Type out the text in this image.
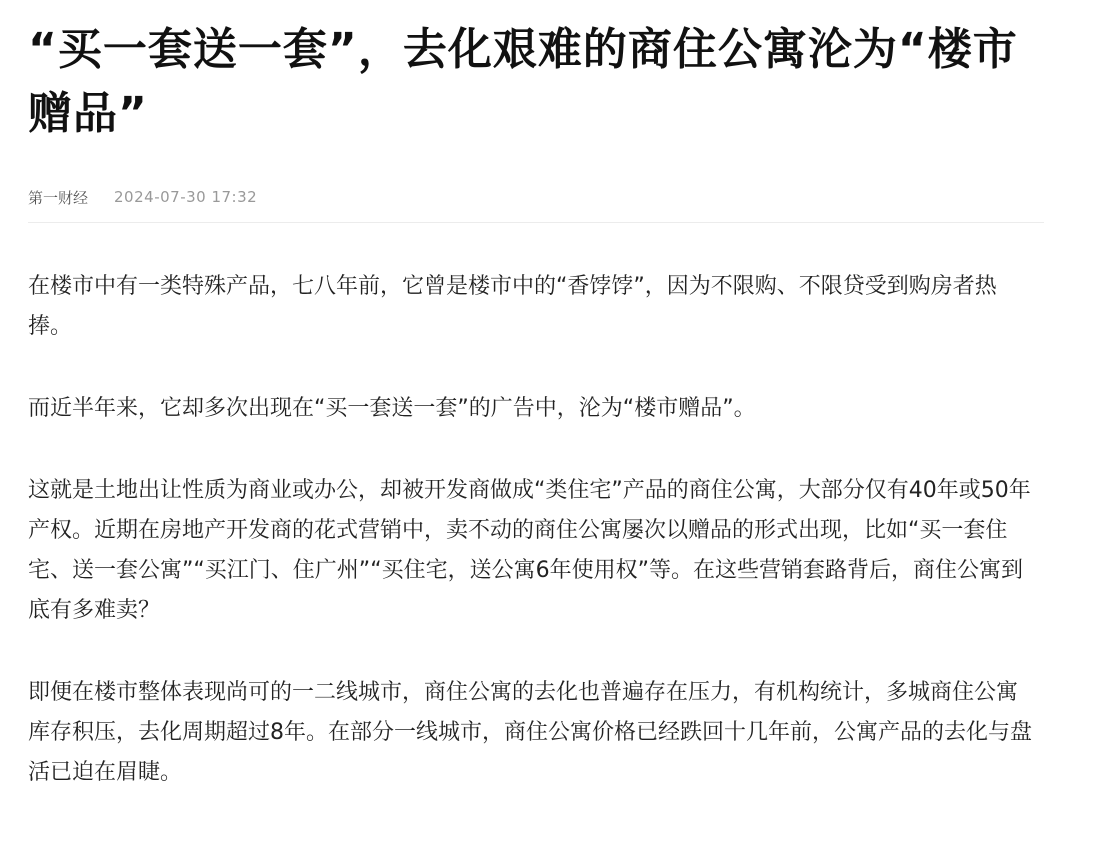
“买一套送一套”，去化艰难的商住公寓沦为“楼市赠品”
第一财经 2024-07-30 17:32

在楼市中有一类特殊产品，七八年前，它曾是楼市中的“香饽饽”，因为不限购、不限贷受到购房者热捧。

而近半年来，它却多次出现在“买一套送一套”的广告中，沦为“楼市赠品”。

这就是土地出让性质为商业或办公，却被开发商做成“类住宅”产品的商住公寓，大部分仅有40年或50年产权。近期在房地产开发商的花式营销中，卖不动的商住公寓屡次以赠品的形式出现，比如“买一套住宅、送一套公寓”“买江门、住广州”“买住宅，送公寓6年使用权”等。在这些营销套路背后，商住公寓到底有多难卖？

即便在楼市整体表现尚可的一二线城市，商住公寓的去化也普遍存在压力，有机构统计，多城商住公寓库存积压，去化周期超过8年。在部分一线城市，商住公寓价格已经跌回十几年前，公寓产品的去化与盘活已迫在眉睫。
